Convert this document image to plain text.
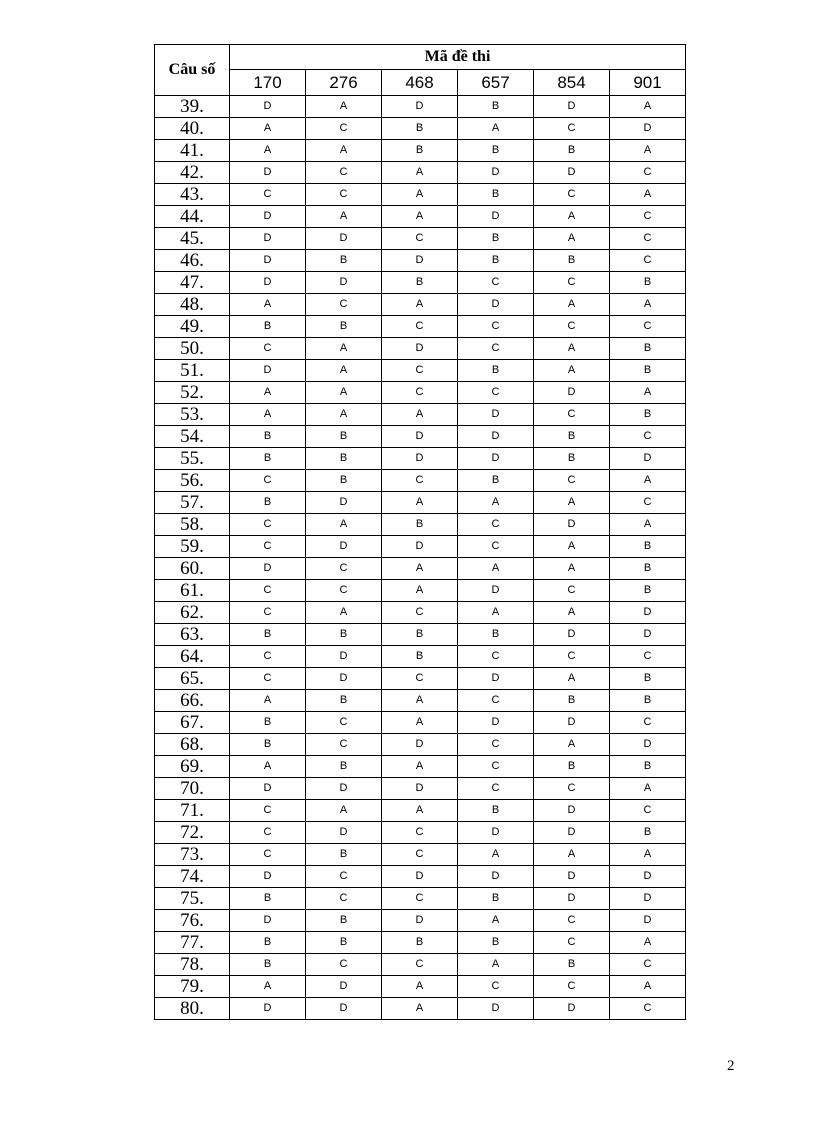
Câu số	Mã đề thi					
	170	276	468	657	854	901
39.	D	A	D	B	D	A
40.	A	C	B	A	C	D
41.	A	A	B	B	B	A
42.	D	C	A	D	D	C
43.	C	C	A	B	C	A
44.	D	A	A	D	A	C
45.	D	D	C	B	A	C
46.	D	B	D	B	B	C
47.	D	D	B	C	C	B
48.	A	C	A	D	A	A
49.	B	B	C	C	C	C
50.	C	A	D	C	A	B
51.	D	A	C	B	A	B
52.	A	A	C	C	D	A
53.	A	A	A	D	C	B
54.	B	B	D	D	B	C
55.	B	B	D	D	B	D
56.	C	B	C	B	C	A
57.	B	D	A	A	A	C
58.	C	A	B	C	D	A
59.	C	D	D	C	A	B
60.	D	C	A	A	A	B
61.	C	C	A	D	C	B
62.	C	A	C	A	A	D
63.	B	B	B	B	D	D
64.	C	D	B	C	C	C
65.	C	D	C	D	A	B
66.	A	B	A	C	B	B
67.	B	C	A	D	D	C
68.	B	C	D	C	A	D
69.	A	B	A	C	B	B
70.	D	D	D	C	C	A
71.	C	A	A	B	D	C
72.	C	D	C	D	D	B
73.	C	B	C	A	A	A
74.	D	C	D	D	D	D
75.	B	C	C	B	D	D
76.	D	B	D	A	C	D
77.	B	B	B	B	C	A
78.	B	C	C	A	B	C
79.	A	D	A	C	C	A
80.	D	D	A	D	D	C
2
